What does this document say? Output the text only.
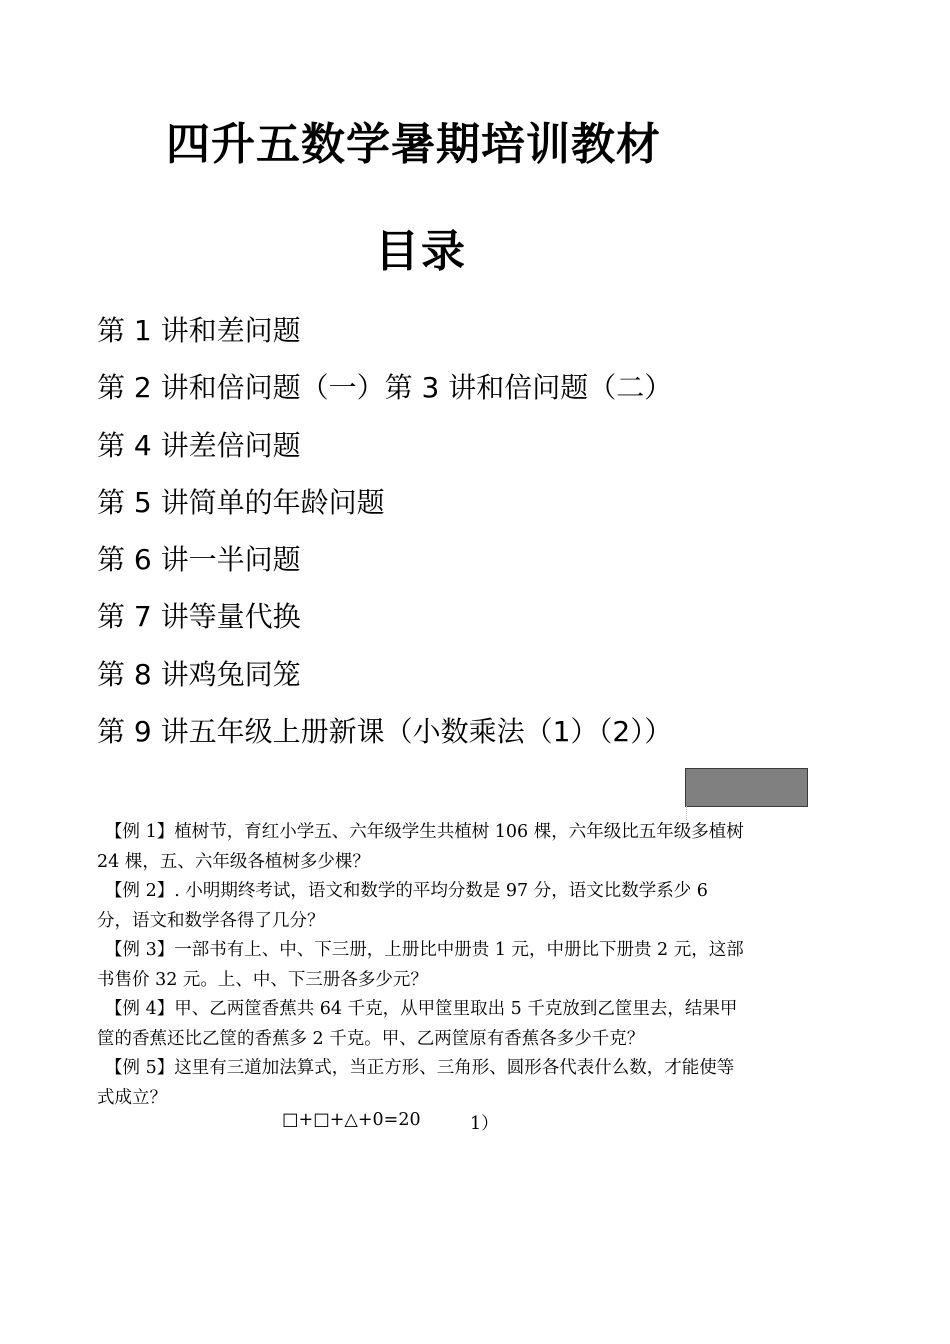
四升五数学暑期培训教材
目录
第 1 讲和差问题
第 2 讲和倍问题（一）第 3 讲和倍问题（二）
第 4 讲差倍问题
第 5 讲简单的年龄问题
第 6 讲一半问题
第 7 讲等量代换
第 8 讲鸡兔同笼
第 9 讲五年级上册新课（小数乘法（1）（2））

【例 1】植树节，育红小学五、六年级学生共植树 106 棵，六年级比五年级多植树 24 棵，五、六年级各植树多少棵？

【例 2】. 小明期终考试，语文和数学的平均分数是 97 分，语文比数学系少 6 分，语文和数学各得了几分？

【例 3】一部书有上、中、下三册，上册比中册贵 1 元，中册比下册贵 2 元，这部书售价 32 元。上、中、下三册各多少元？

【例 4】甲、乙两筐香蕉共 64 千克，从甲筐里取出 5 千克放到乙筐里去，结果甲筐的香蕉还比乙筐的香蕉多 2 千克。甲、乙两筐原有香蕉各多少千克？

【例 5】这里有三道加法算式，当正方形、三角形、圆形各代表什么数，才能使等式成立？

□+□+△+0=20	1）
